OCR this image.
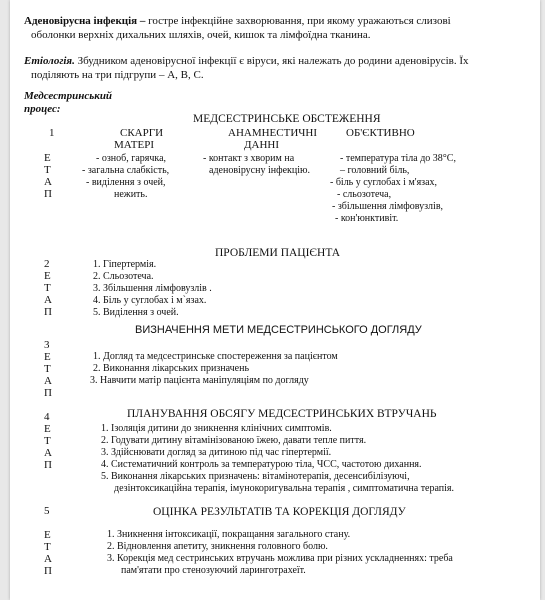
Аденовірусна інфекція – гостре інфекційне захворювання, при якому уражаються слизові
оболонки верхніх дихальних шляхів, очей, кишок та лімфоїдна тканина.
Етіологія. Збудником аденовірусної інфекції є віруси, які належать до родини аденовірусів. Їх
поділяють на три підгрупи – А, В, С.
Медсестринський
процес:
МЕДСЕСТРИНСЬКЕ ОБСТЕЖЕННЯ
1	СКАРГИ
МАТЕРІ
АНАМНЕСТИЧНІ
ДАННІ
ОБ'ЄКТИВНО
Е
Т
А
П
- озноб, гарячка,
- загальна слабкість,
- виділення з очей,
нежить.
- контакт з хворим на
аденовірусну інфекцію.
- температура тіла до 38°С,
– головний біль,
- біль у суглобах і м'язах,
- сльозотеча,
- збільшення лімфовузлів,
- кон'юнктивіт.
ПРОБЛЕМИ ПАЦІЄНТА
2
Е
Т
А
П
1. Гіпертермія.
2. Сльозотеча.
3. Збільшення лімфовузлів .
4. Біль у суглобах і м`язах.
5. Виділення з очей.
ВИЗНАЧЕННЯ МЕТИ МЕДСЕСТРИНСЬКОГО ДОГЛЯДУ
3
Е
Т
А
П
1. Догляд та медсестринське спостереження за пацієнтом
2. Виконання лікарських призначень
3. Навчити матір пацієнта маніпуляціям по догляду
ПЛАНУВАННЯ ОБСЯГУ МЕДСЕСТРИНСЬКИХ ВТРУЧАНЬ
4
Е
Т
А
П
1. Ізоляція дитини до зникнення клінічних симптомів.
2. Годувати дитину вітамінізованою їжею, давати тепле пиття.
3. Здійснювати догляд за дитиною під час гіпертермії.
4. Систематичний контроль за температурою тіла, ЧСС, частотою дихання.
5. Виконання лікарських призначень: вітамінотерапія, десенсибілізуючі,
дезінтоксикаційна терапія, імунокоригувальна терапія , симптоматична терапія.
ОЦІНКА РЕЗУЛЬТАТІВ ТА КОРЕКЦІЯ ДОГЛЯДУ
5
Е
Т
А
П
1. Зникнення інтоксикації, покращання загального стану.
2. Відновлення апетиту, зникнення головного болю.
3. Корекція мед сестринських втручань можлива при різних ускладненнях: треба
пам'ятати про стенозуючий ларинготрахеїт.
